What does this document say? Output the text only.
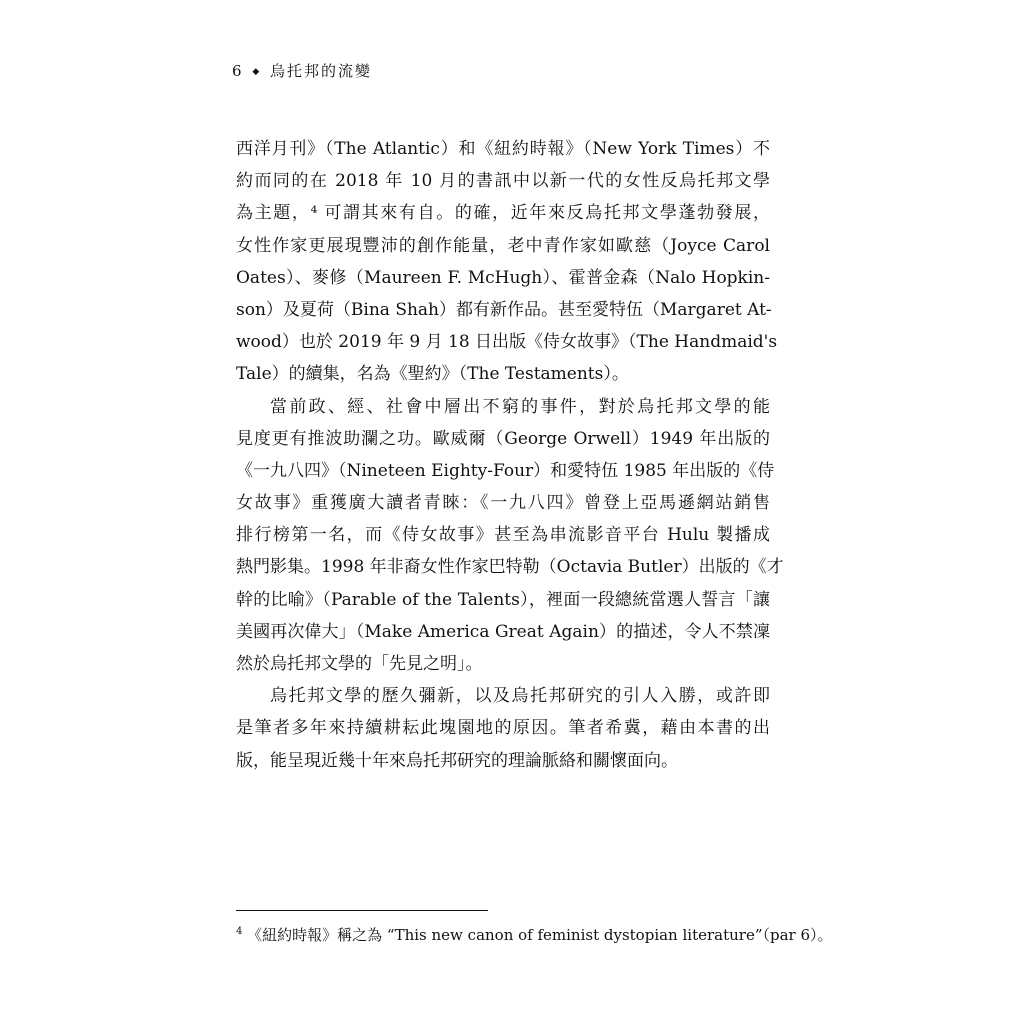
6 ◆ 烏托邦的流變
西洋月刊》（The Atlantic）和《紐約時報》（New York Times）不
約而同的在 2018 年 10 月的書訊中以新一代的女性反烏托邦文學
為主題，⁴ 可謂其來有自。的確，近年來反烏托邦文學蓬勃發展，
女性作家更展現豐沛的創作能量，老中青作家如歐慈（Joyce Carol
Oates）、麥修（Maureen F. McHugh）、霍普金森（Nalo Hopkin-
son）及夏荷（Bina Shah）都有新作品。甚至愛特伍（Margaret At-
wood）也於 2019 年 9 月 18 日出版《侍女故事》（The Handmaid's
Tale）的續集，名為《聖約》（The Testaments）。
當前政、經、社會中層出不窮的事件，對於烏托邦文學的能
見度更有推波助瀾之功。歐威爾（George Orwell）1949 年出版的
《一九八四》（Nineteen Eighty-Four）和愛特伍 1985 年出版的《侍
女故事》重獲廣大讀者青睞：《一九八四》曾登上亞馬遜網站銷售
排行榜第一名，而《侍女故事》甚至為串流影音平台 Hulu 製播成
熱門影集。1998 年非裔女性作家巴特勒（Octavia Butler）出版的《才
幹的比喻》（Parable of the Talents），裡面一段總統當選人誓言「讓
美國再次偉大」（Make America Great Again）的描述，令人不禁凜
然於烏托邦文學的「先見之明」。
烏托邦文學的歷久彌新，以及烏托邦研究的引人入勝，或許即
是筆者多年來持續耕耘此塊園地的原因。筆者希冀，藉由本書的出
版，能呈現近幾十年來烏托邦研究的理論脈絡和關懷面向。
$^4$ 《紐約時報》稱之為 “This new canon of feminist dystopian literature”（par 6）。
